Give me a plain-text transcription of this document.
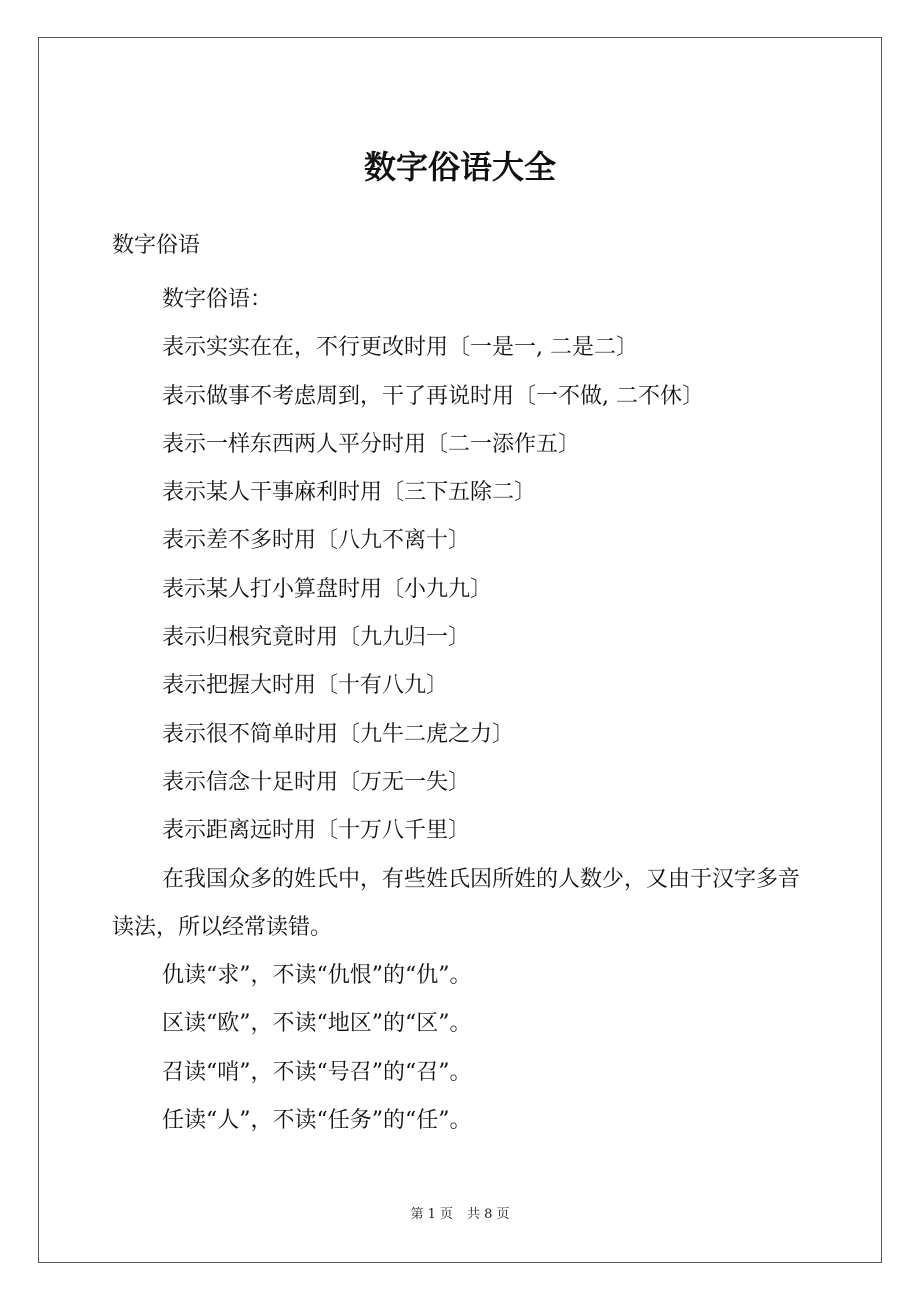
数字俗语大全
数字俗语

数字俗语：

表示实实在在，不行更改时用〔一是一, 二是二〕

表示做事不考虑周到，干了再说时用〔一不做, 二不休〕

表示一样东西两人平分时用〔二一添作五〕

表示某人干事麻利时用〔三下五除二〕

表示差不多时用〔八九不离十〕

表示某人打小算盘时用〔小九九〕

表示归根究竟时用〔九九归一〕

表示把握大时用〔十有八九〕

表示很不简单时用〔九牛二虎之力〕

表示信念十足时用〔万无一失〕

表示距离远时用〔十万八千里〕

在我国众多的姓氏中，有些姓氏因所姓的人数少，又由于汉字多音读法，所以经常读错。

仇读“求”，不读“仇恨”的“仇”。

区读“欧”，不读“地区”的“区”。

召读“哨”，不读“号召”的“召”。

任读“人”，不读“任务”的“任”。

第 1 页 共 8 页
